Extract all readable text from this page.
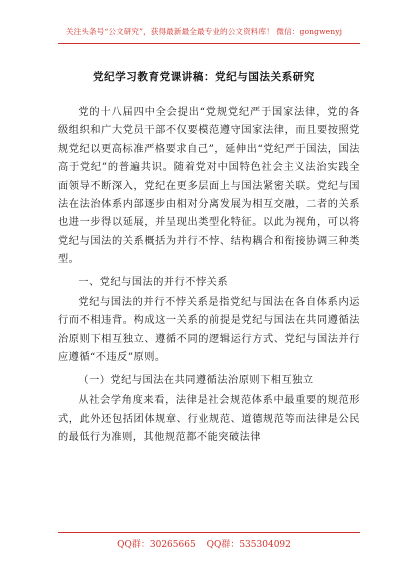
关注头条号“公文研究”，获得最新最全最专业的公文资料库！ 微信：gongwenyj
党纪学习教育党课讲稿：党纪与国法关系研究

党的十八届四中全会提出“党规党纪严于国家法律，党的各级组织和广大党员干部不仅要模范遵守国家法律，而且要按照党规党纪以更高标准严格要求自己”，延伸出“党纪严于国法，国法高于党纪”的普遍共识。随着党对中国特色社会主义法治实践全面领导不断深入，党纪在更多层面上与国法紧密关联。党纪与国法在法治体系内部逐步由相对分离发展为相互交融，二者的关系也进一步得以延展，并呈现出类型化特征。以此为视角，可以将党纪与国法的关系概括为并行不悖、结构耦合和衔接协调三种类型。

一、党纪与国法的并行不悖关系

党纪与国法的并行不悖关系是指党纪与国法在各自体系内运行而不相违背。构成这一关系的前提是党纪与国法在共同遵循法治原则下相互独立、遵循不同的逻辑运行方式、党纪与国法并行应遵循“不违反”原则。

（一）党纪与国法在共同遵循法治原则下相互独立

从社会学角度来看，法律是社会规范体系中最重要的规范形式，此外还包括团体规章、行业规范、道德规范等而法律是公民的最低行为准则，其他规范都不能突破法律

QQ群：30265665 QQ群：535304092
